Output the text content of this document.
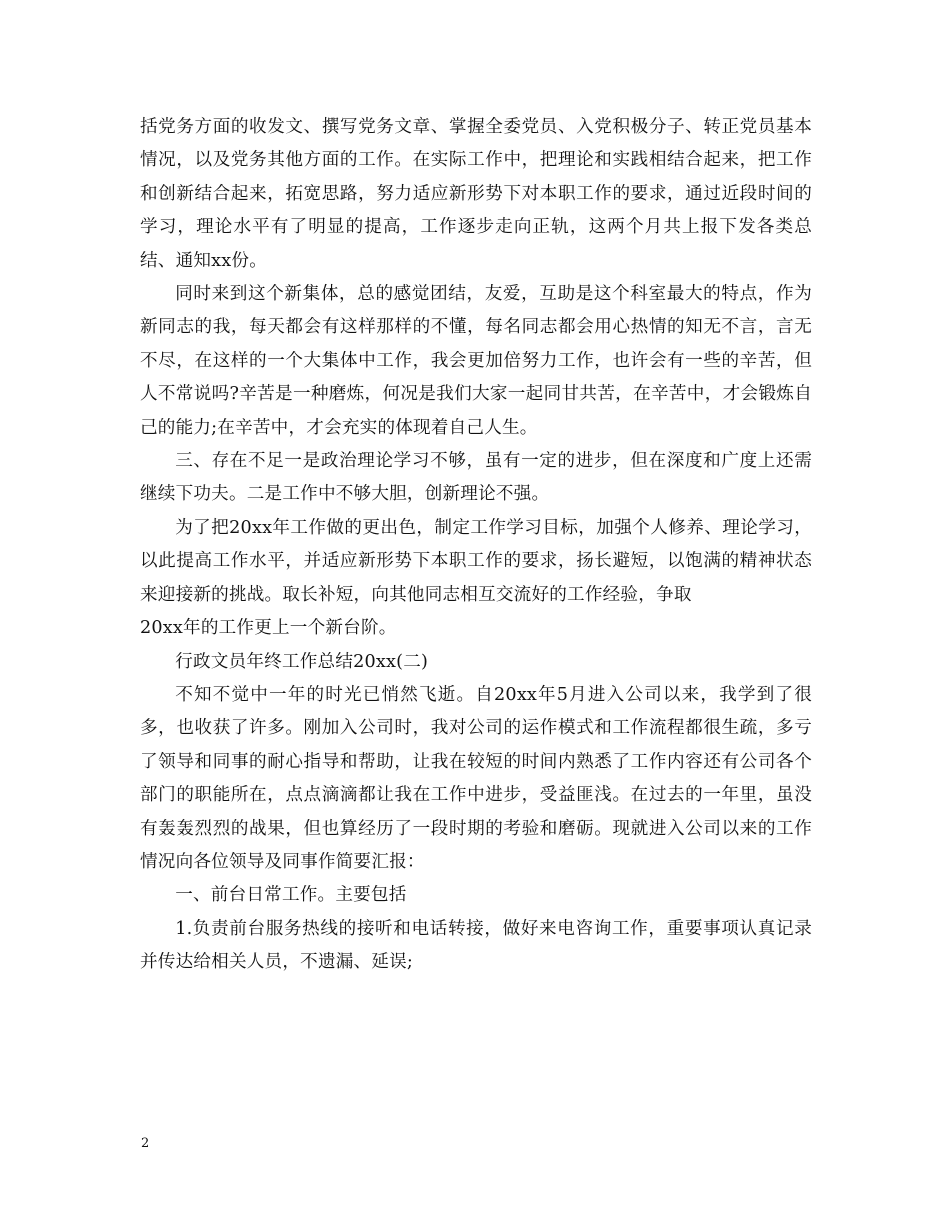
括党务方面的收发文、撰写党务文章、掌握全委党员、入党积极分子、转正党员基本情况，以及党务其他方面的工作。在实际工作中，把理论和实践相结合起来，把工作和创新结合起来，拓宽思路，努力适应新形势下对本职工作的要求，通过近段时间的学习，理论水平有了明显的提高，工作逐步走向正轨，这两个月共上报下发各类总结、通知xx份。

同时来到这个新集体，总的感觉团结，友爱，互助是这个科室最大的特点，作为新同志的我，每天都会有这样那样的不懂，每名同志都会用心热情的知无不言，言无不尽，在这样的一个大集体中工作，我会更加倍努力工作，也许会有一些的辛苦，但人不常说吗?辛苦是一种磨炼，何况是我们大家一起同甘共苦，在辛苦中，才会锻炼自己的能力;在辛苦中，才会充实的体现着自己人生。

三、存在不足一是政治理论学习不够，虽有一定的进步，但在深度和广度上还需继续下功夫。二是工作中不够大胆，创新理论不强。

为了把20xx年工作做的更出色，制定工作学习目标，加强个人修养、理论学习，以此提高工作水平，并适应新形势下本职工作的要求，扬长避短，以饱满的精神状态来迎接新的挑战。取长补短，向其他同志相互交流好的工作经验，争取
20xx年的工作更上一个新台阶。

行政文员年终工作总结20xx(二)

不知不觉中一年的时光已悄然飞逝。自20xx年5月进入公司以来，我学到了很多，也收获了许多。刚加入公司时，我对公司的运作模式和工作流程都很生疏，多亏了领导和同事的耐心指导和帮助，让我在较短的时间内熟悉了工作内容还有公司各个部门的职能所在，点点滴滴都让我在工作中进步，受益匪浅。在过去的一年里，虽没有轰轰烈烈的战果，但也算经历了一段时期的考验和磨砺。现就进入公司以来的工作情况向各位领导及同事作简要汇报：

一、前台日常工作。主要包括

1.负责前台服务热线的接听和电话转接，做好来电咨询工作，重要事项认真记录并传达给相关人员，不遗漏、延误;

2
